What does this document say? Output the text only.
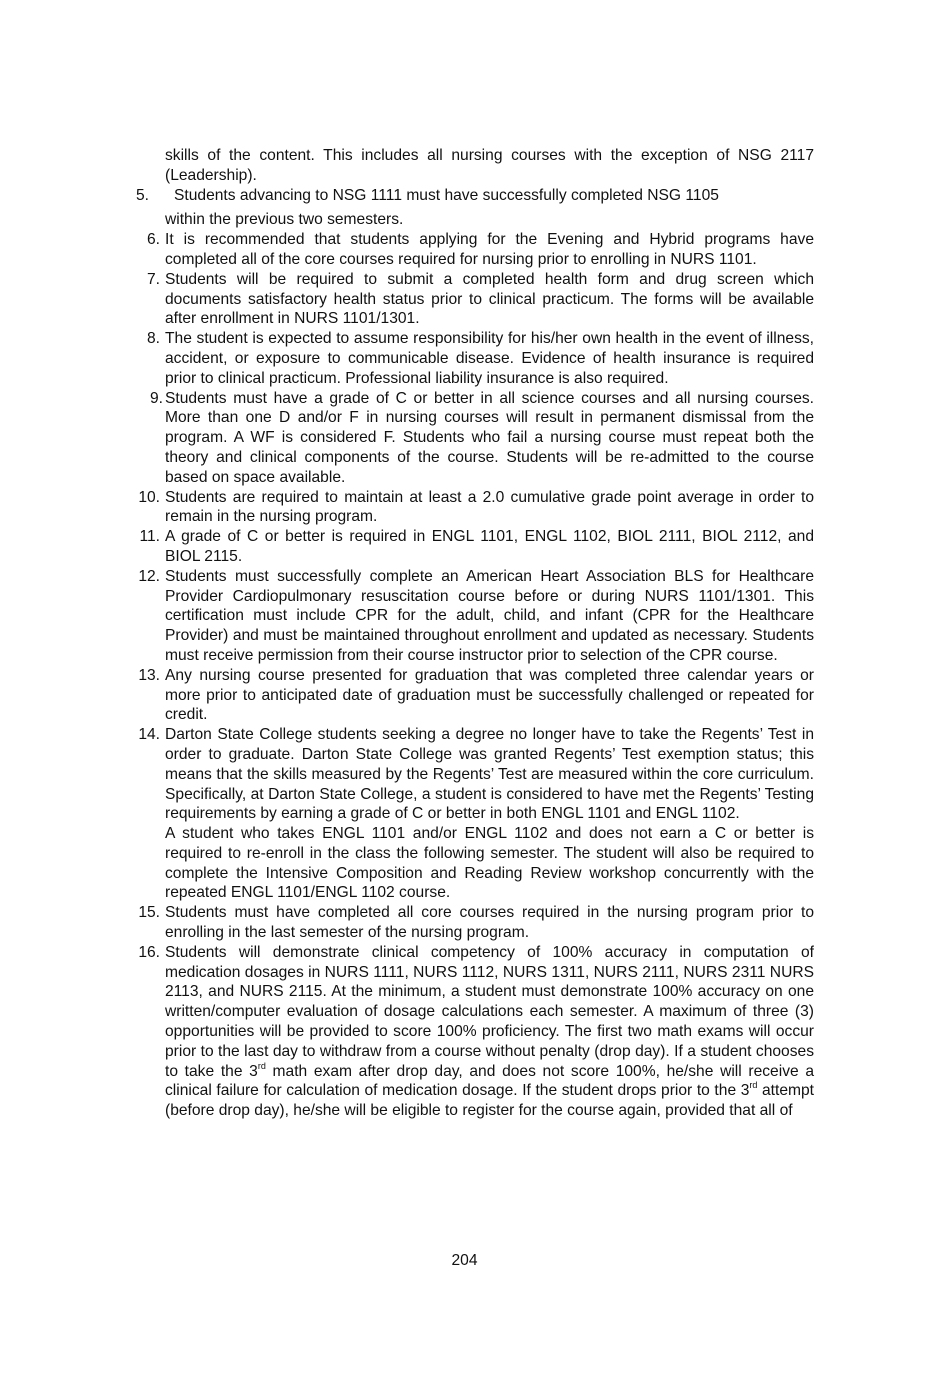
skills of the content. This includes all nursing courses with the exception of NSG 2117 (Leadership).
5.	Students advancing to NSG 1111 must have successfully completed NSG 1105
within the previous two semesters.
6. It is recommended that students applying for the Evening and Hybrid programs have completed all of the core courses required for nursing prior to enrolling in NURS 1101.
7. Students will be required to submit a completed health form and drug screen which documents satisfactory health status prior to clinical practicum. The forms will be available after enrollment in NURS 1101/1301.
8. The student is expected to assume responsibility for his/her own health in the event of illness, accident, or exposure to communicable disease. Evidence of health insurance is required prior to clinical practicum. Professional liability insurance is also required.
9. Students must have a grade of C or better in all science courses and all nursing courses. More than one D and/or F in nursing courses will result in permanent dismissal from the program. A WF is considered F. Students who fail a nursing course must repeat both the theory and clinical components of the course. Students will be re-admitted to the course based on space available.
10. Students are required to maintain at least a 2.0 cumulative grade point average in order to remain in the nursing program.
11. A grade of C or better is required in ENGL 1101, ENGL 1102, BIOL 2111, BIOL 2112, and BIOL 2115.
12. Students must successfully complete an American Heart Association BLS for Healthcare Provider Cardiopulmonary resuscitation course before or during NURS 1101/1301. This certification must include CPR for the adult, child, and infant (CPR for the Healthcare Provider) and must be maintained throughout enrollment and updated as necessary. Students must receive permission from their course instructor prior to selection of the CPR course.
13. Any nursing course presented for graduation that was completed three calendar years or more prior to anticipated date of graduation must be successfully challenged or repeated for credit.
14. Darton State College students seeking a degree no longer have to take the Regents’ Test in order to graduate. Darton State College was granted Regents’ Test exemption status; this means that the skills measured by the Regents’ Test are measured within the core curriculum. Specifically, at Darton State College, a student is considered to have met the Regents’ Testing requirements by earning a grade of C or better in both ENGL 1101 and ENGL 1102.
A student who takes ENGL 1101 and/or ENGL 1102 and does not earn a C or better is required to re-enroll in the class the following semester. The student will also be required to complete the Intensive Composition and Reading Review workshop concurrently with the repeated ENGL 1101/ENGL 1102 course.
15. Students must have completed all core courses required in the nursing program prior to enrolling in the last semester of the nursing program.
16. Students will demonstrate clinical competency of 100% accuracy in computation of medication dosages in NURS 1111, NURS 1112, NURS 1311, NURS 2111, NURS 2311 NURS 2113, and NURS 2115. At the minimum, a student must demonstrate 100% accuracy on one written/computer evaluation of dosage calculations each semester. A maximum of three (3) opportunities will be provided to score 100% proficiency. The first two math exams will occur prior to the last day to withdraw from a course without penalty (drop day). If a student chooses to take the 3rd math exam after drop day, and does not score 100%, he/she will receive a clinical failure for calculation of medication dosage. If the student drops prior to the 3rd attempt (before drop day), he/she will be eligible to register for the course again, provided that all of
204
